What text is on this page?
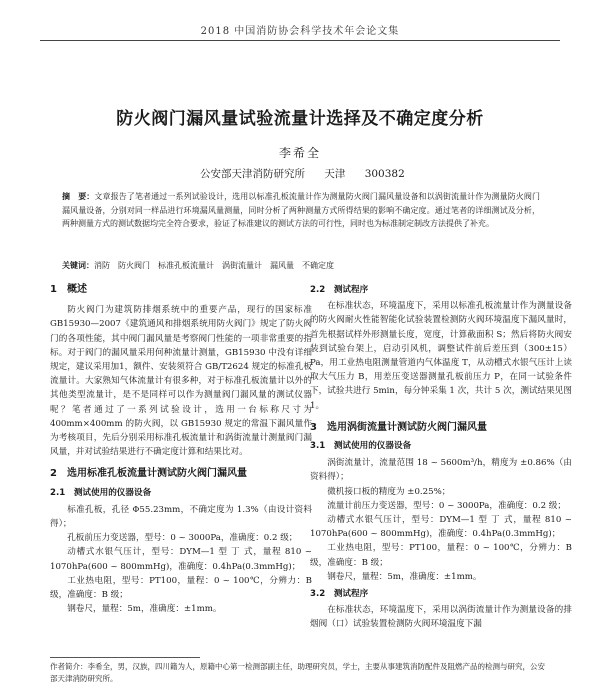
2018 中国消防协会科学技术年会论文集
防火阀门漏风量试验流量计选择及不确定度分析
李希全
公安部天津消防研究所 天津 300382
摘　要：文章报告了笔者通过一系列试验设计，选用以标准孔板流量计作为测量防火阀门漏风量设备和以涡街流量计作为测量防火阀门漏风量设备，分别对同一样品进行环境漏风量测量，同时分析了两种测量方式所得结果的影响不确定度。通过笔者的详细测试及分析，两种测量方式的测试数据均完全符合要求，验证了标准建议的测试方法的可行性，同时也为标准制定制改方法提供了补充。
关键词：消防　防火阀门　标准孔板流量计　涡街流量计　漏风量　不确定度
1　概述

防火阀门为建筑防排烟系统中的重要产品，现行的国家标准 GB15930—2007《建筑通风和排烟系统用防火阀门》规定了防火阀门的各项性能，其中阀门漏风量是考察阀门性能的一项非常重要的指标。对于阀门的漏风量采用何种流量计测量，GB15930 中没有详细规定，建议采用加1，额件、安装须符合 GB/T2624 规定的标准孔板流量计。大家熟知气体流量计有很多种，对于标准孔板流量计以外的其他类型流量计，是不是同样可以作为测量阀门漏风量的测试仪器呢？笔者通过了一系列试验设计，选用一台标称尺寸为 400mm×400mm 的防火阀，以 GB15930 规定的常温下漏风量作为考核项目，先后分别采用标准孔板流量计和涡街流量计测量阀门漏风量，并对试验结果进行不确定度计算和结果比对。

2　选用标准孔板流量计测试防火阀门漏风量
2.1　测试使用的仪器设备

标准孔板，孔径 Φ55.23mm，不确定度为 1.3%（由设计资料得）；

孔板前压力变送器，型号：0 ~ 3000Pa，准确度：0.2 级；

动槽式水银气压计，型号：DYM—1 型 丁 式，量程 810 ~ 1070hPa(600 ~ 800mmHg)，准确度：0.4hPa(0.3mmHg)；

工业热电阻，型号：PT100，量程：0 ~ 100℃，分辨力：B 级，准确度：B 级；

钢卷尺，量程：5m，准确度：±1mm。

2.2　测试程序

在标准状态，环境温度下，采用以标准孔板流量计作为测量设备的防火阀耐火性能智能化试验装置检测防火阀环境温度下漏风量时，首先根据试样外形测量长度，宽度，计算截面积 S；然后将防火阀安装到试验台架上，启动引风机，调整试件前后差压到（300±15）Pa，用工业热电阻测量管道内气体温度 T，从动槽式水银气压计上读取大气压力 B，用差压变送器测量孔板前压力 P，在同一试验条件下，试验共进行 5min，每分钟采集 1 次，共计 5 次，测试结果见图 1。

3　选用涡街流量计测试防火阀门漏风量
3.1　测试使用的仪器设备

涡街流量计，流量范围 18 ~ 5600m³/h，精度为 ±0.86%（由资料得）；

微机接口板的精度为 ±0.25%；

流量计前压力变送器，型号：0 ~ 3000Pa，准确度：0.2 级；

动槽式水银气压计，型号：DYM—1 型 丁 式，量程 810 ~ 1070hPa(600 ~ 800mmHg)，准确度：0.4hPa(0.3mmHg)；

工业热电阻，型号：PT100，量程：0 ~ 100℃，分辨力：B 级，准确度：B 级；

钢卷尺，量程：5m，准确度：±1mm。

3.2　测试程序

在标准状态，环境温度下，采用以涡街流量计作为测量设备的排烟阀（口）试验装置检测防火阀环境温度下漏

作者简介：李希全，男，汉族，四川籍为人，原籍中心第一检测部副主任，助理研究员，学士，主要从事建筑消防配件及阻燃产品的检测与研究，公安部天津消防研究所。
